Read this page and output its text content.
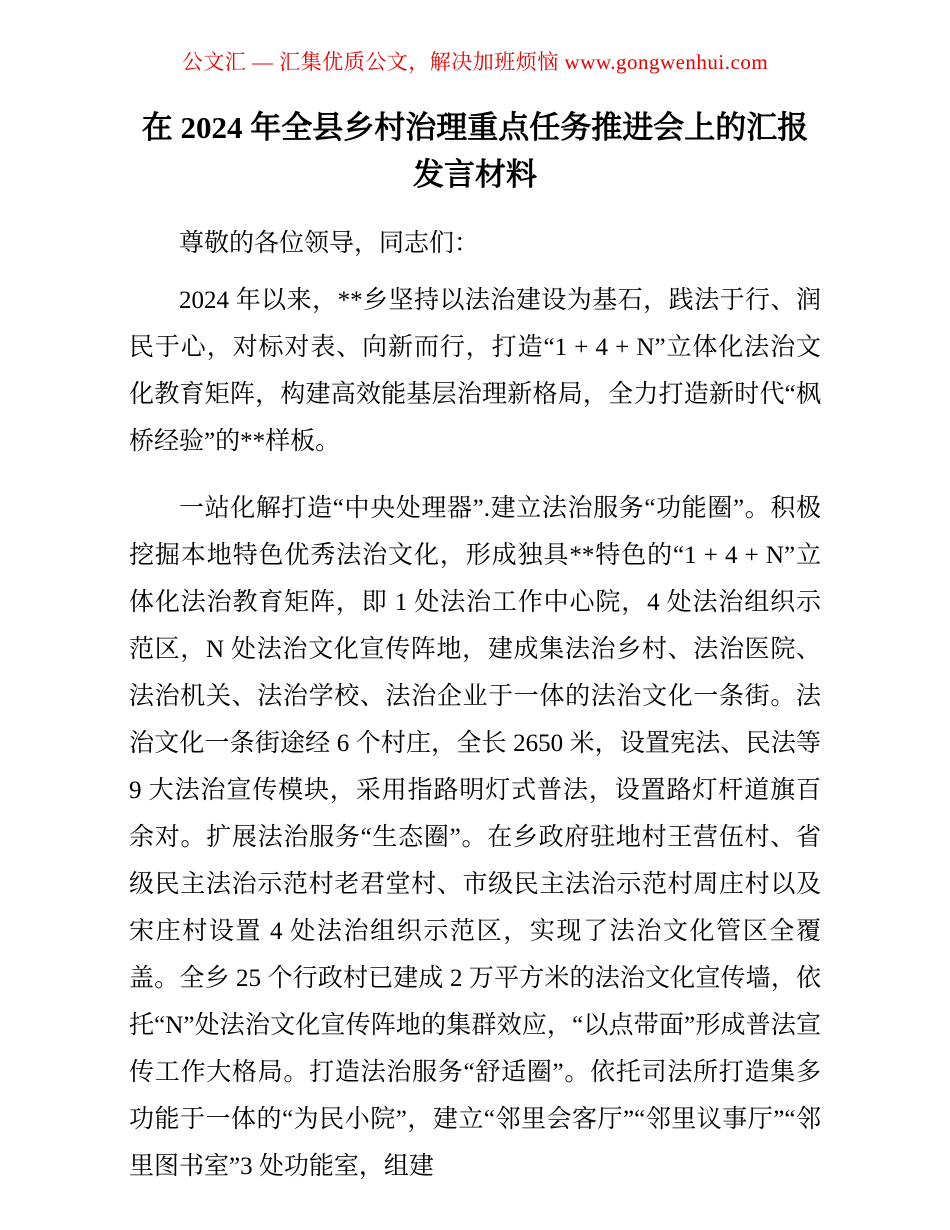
公文汇 — 汇集优质公文，解决加班烦恼 www.gongwenhui.com
在 2024 年全县乡村治理重点任务推进会上的汇报发言材料

尊敬的各位领导，同志们：

2024 年以来，**乡坚持以法治建设为基石，践法于行、润民于心，对标对表、向新而行，打造“1 + 4 + N”立体化法治文化教育矩阵，构建高效能基层治理新格局，全力打造新时代“枫桥经验”的**样板。

一站化解打造“中央处理器”.建立法治服务“功能圈”。积极挖掘本地特色优秀法治文化，形成独具**特色的“1 + 4 + N”立体化法治教育矩阵，即 1 处法治工作中心院，4 处法治组织示范区，N 处法治文化宣传阵地，建成集法治乡村、法治医院、法治机关、法治学校、法治企业于一体的法治文化一条街。法治文化一条街途经 6 个村庄，全长 2650 米，设置宪法、民法等 9 大法治宣传模块，采用指路明灯式普法，设置路灯杆道旗百余对。扩展法治服务“生态圈”。在乡政府驻地村王营伍村、省级民主法治示范村老君堂村、市级民主法治示范村周庄村以及宋庄村设置 4 处法治组织示范区，实现了法治文化管区全覆盖。全乡 25 个行政村已建成 2 万平方米的法治文化宣传墙，依托“N”处法治文化宣传阵地的集群效应，“以点带面”形成普法宣传工作大格局。打造法治服务“舒适圈”。依托司法所打造集多功能于一体的“为民小院”，建立“邻里会客厅”“邻里议事厅”“邻里图书室”3 处功能室，组建
